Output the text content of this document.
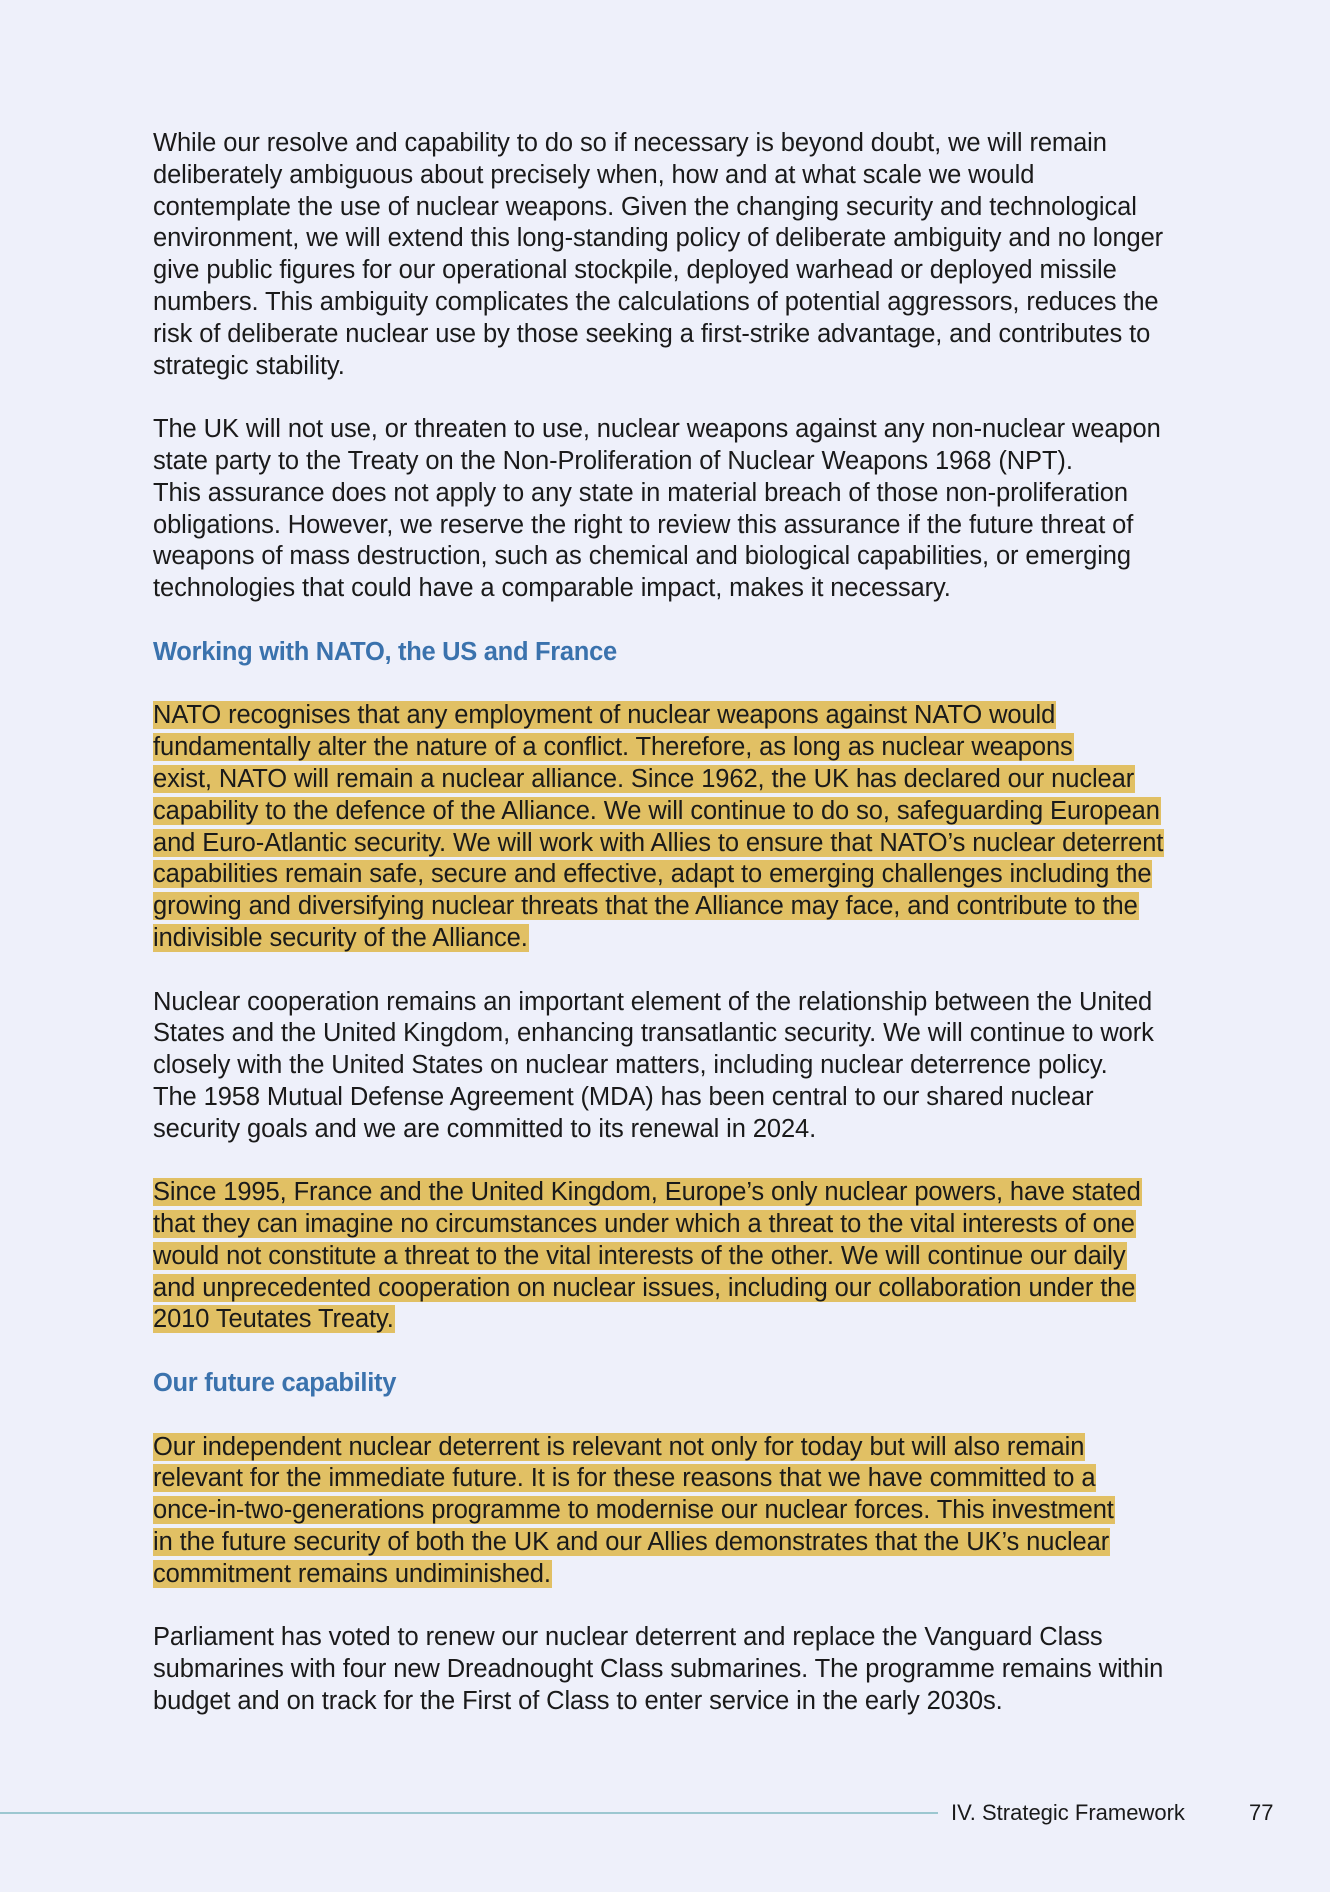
While our resolve and capability to do so if necessary is beyond doubt, we will remain
deliberately ambiguous about precisely when, how and at what scale we would
contemplate the use of nuclear weapons. Given the changing security and technological
environment, we will extend this long-standing policy of deliberate ambiguity and no longer
give public figures for our operational stockpile, deployed warhead or deployed missile
numbers. This ambiguity complicates the calculations of potential aggressors, reduces the
risk of deliberate nuclear use by those seeking a first-strike advantage, and contributes to
strategic stability.
The UK will not use, or threaten to use, nuclear weapons against any non-nuclear weapon
state party to the Treaty on the Non-Proliferation of Nuclear Weapons 1968 (NPT).
This assurance does not apply to any state in material breach of those non-proliferation
obligations. However, we reserve the right to review this assurance if the future threat of
weapons of mass destruction, such as chemical and biological capabilities, or emerging
technologies that could have a comparable impact, makes it necessary.
Working with NATO, the US and France
NATO recognises that any employment of nuclear weapons against NATO would
fundamentally alter the nature of a conflict. Therefore, as long as nuclear weapons
exist, NATO will remain a nuclear alliance. Since 1962, the UK has declared our nuclear
capability to the defence of the Alliance. We will continue to do so, safeguarding European
and Euro-Atlantic security. We will work with Allies to ensure that NATO’s nuclear deterrent
capabilities remain safe, secure and effective, adapt to emerging challenges including the
growing and diversifying nuclear threats that the Alliance may face, and contribute to the
indivisible security of the Alliance.
Nuclear cooperation remains an important element of the relationship between the United
States and the United Kingdom, enhancing transatlantic security. We will continue to work
closely with the United States on nuclear matters, including nuclear deterrence policy.
The 1958 Mutual Defense Agreement (MDA) has been central to our shared nuclear
security goals and we are committed to its renewal in 2024.
Since 1995, France and the United Kingdom, Europe’s only nuclear powers, have stated
that they can imagine no circumstances under which a threat to the vital interests of one
would not constitute a threat to the vital interests of the other. We will continue our daily
and unprecedented cooperation on nuclear issues, including our collaboration under the
2010 Teutates Treaty.
Our future capability
Our independent nuclear deterrent is relevant not only for today but will also remain
relevant for the immediate future. It is for these reasons that we have committed to a
once-in-two-generations programme to modernise our nuclear forces. This investment
in the future security of both the UK and our Allies demonstrates that the UK’s nuclear
commitment remains undiminished.
Parliament has voted to renew our nuclear deterrent and replace the Vanguard Class
submarines with four new Dreadnought Class submarines. The programme remains within
budget and on track for the First of Class to enter service in the early 2030s.
IV. Strategic Framework	77
